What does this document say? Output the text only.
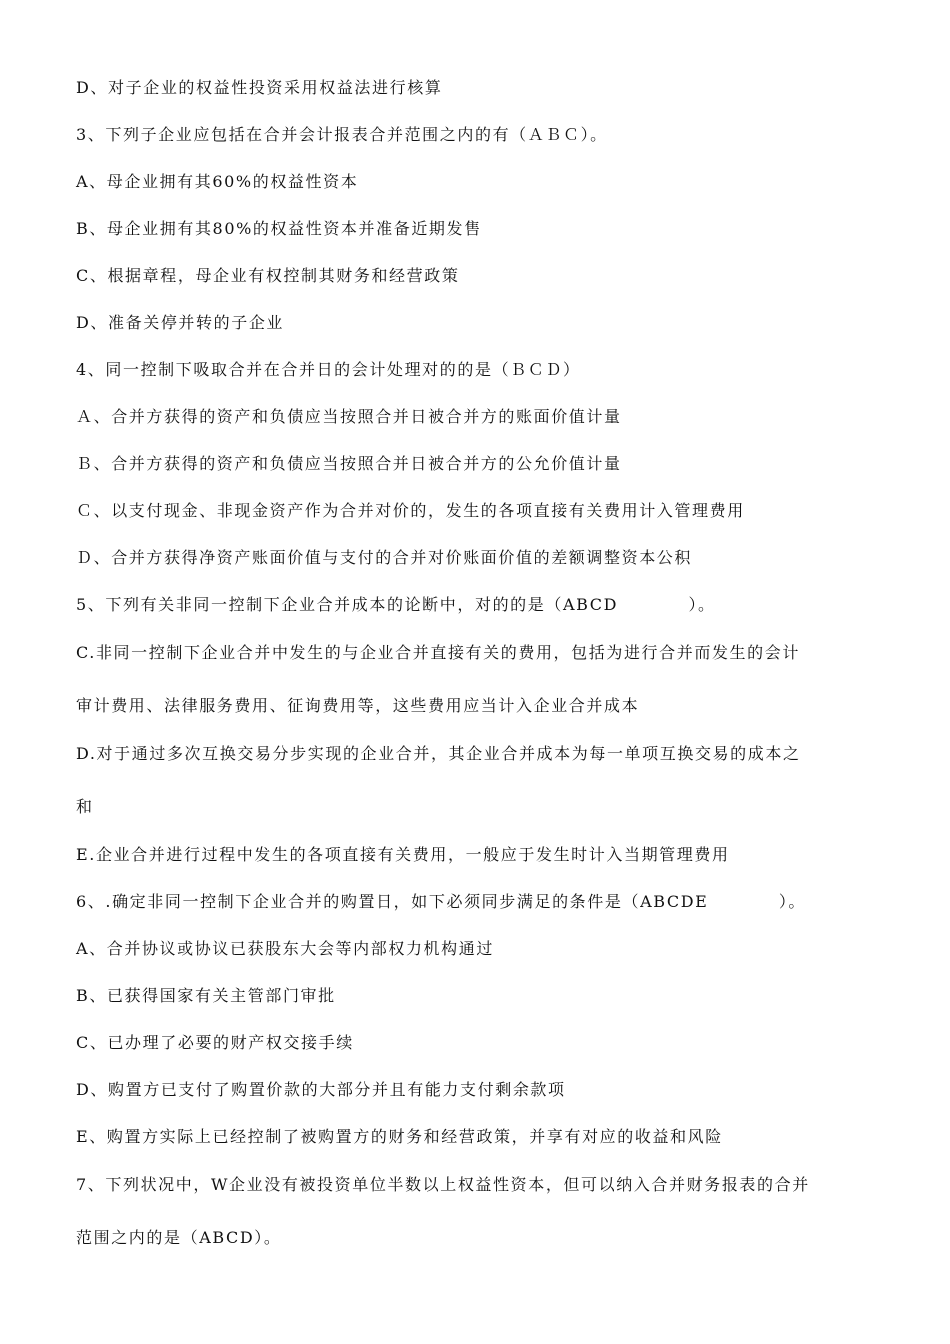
D、对子企业的权益性投资采用权益法进行核算
3、下列子企业应包括在合并会计报表合并范围之内的有（ＡＢＣ）。
A、母企业拥有其60%的权益性资本
B、母企业拥有其80%的权益性资本并准备近期发售
C、根据章程，母企业有权控制其财务和经营政策
D、准备关停并转的子企业
4、同一控制下吸取合并在合并日的会计处理对的的是（ＢＣＤ）
Ａ、合并方获得的资产和负债应当按照合并日被合并方的账面价值计量
Ｂ、合并方获得的资产和负债应当按照合并日被合并方的公允价值计量
Ｃ、以支付现金、非现金资产作为合并对价的，发生的各项直接有关费用计入管理费用
Ｄ、合并方获得净资产账面价值与支付的合并对价账面价值的差额调整资本公积
5、下列有关非同一控制下企业合并成本的论断中，对的的是（ABCD　　　　）。
C.非同一控制下企业合并中发生的与企业合并直接有关的费用，包括为进行合并而发生的会计
审计费用、法律服务费用、征询费用等，这些费用应当计入企业合并成本
D.对于通过多次互换交易分步实现的企业合并，其企业合并成本为每一单项互换交易的成本之
和
E.企业合并进行过程中发生的各项直接有关费用，一般应于发生时计入当期管理费用
6、.确定非同一控制下企业合并的购置日，如下必须同步满足的条件是（ABCDE　　　　）。
A、合并协议或协议已获股东大会等内部权力机构通过
B、已获得国家有关主管部门审批
C、已办理了必要的财产权交接手续
D、购置方已支付了购置价款的大部分并且有能力支付剩余款项
E、购置方实际上已经控制了被购置方的财务和经营政策，并享有对应的收益和风险
7、下列状况中，W企业没有被投资单位半数以上权益性资本，但可以纳入合并财务报表的合并
范围之内的是（ABCD）。
